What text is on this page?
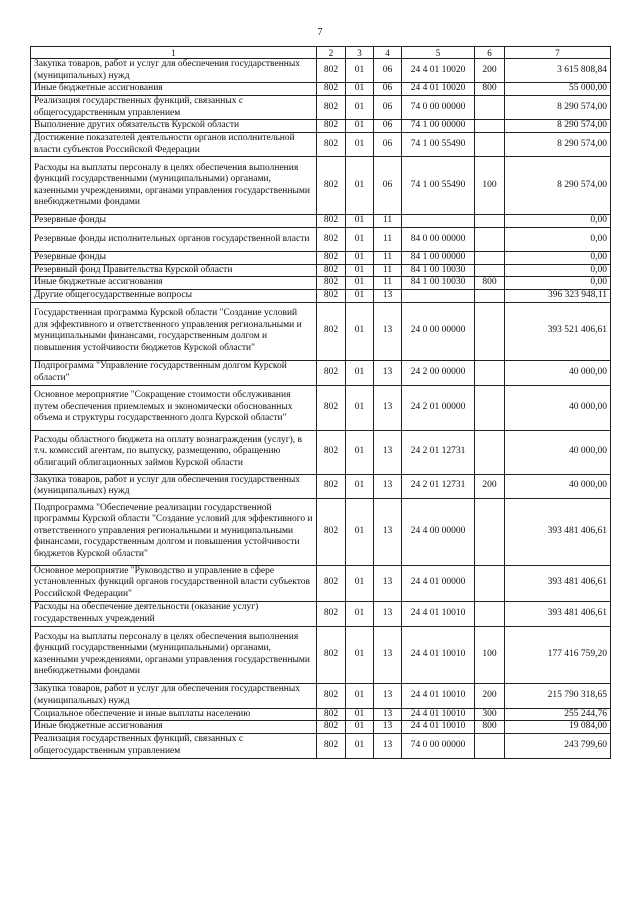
7
1	2	3	4	5	6	7
Закупка товаров, работ и услуг для обеспечения государственных (муниципальных) нужд	802	01	06	24 4 01 10020	200	3 615 808,84
Иные бюджетные ассигнования	802	01	06	24 4 01 10020	800	55 000,00
Реализация государственных функций, связанных с общегосударственным управлением	802	01	06	74 0 00 00000		8 290 574,00
Выполнение других обязательств Курской области	802	01	06	74 1 00 00000		8 290 574,00
Достижение показателей деятельности органов исполнительной власти субъектов Российской Федерации	802	01	06	74 1 00 55490		8 290 574,00
Расходы на выплаты персоналу в целях обеспечения выполнения функций государственными (муниципальными) органами, казенными учреждениями, органами управления государственными внебюджетными фондами	802	01	06	74 1 00 55490	100	8 290 574,00
Резервные фонды	802	01	11			0,00
Резервные фонды исполнительных органов государственной власти	802	01	11	84 0 00 00000		0,00
Резервные фонды	802	01	11	84 1 00 00000		0,00
Резервный фонд Правительства Курской области	802	01	11	84 1 00 10030		0,00
Иные бюджетные ассигнования	802	01	11	84 1 00 10030	800	0,00
Другие общегосударственные вопросы	802	01	13			396 323 948,11
Государственная программа Курской области "Создание условий для эффективного и ответственного управления региональными и муниципальными финансами, государственным долгом и повышения устойчивости бюджетов Курской области"	802	01	13	24 0 00 00000		393 521 406,61
Подпрограмма "Управление государственным долгом Курской области"	802	01	13	24 2 00 00000		40 000,00
Основное мероприятие "Сокращение стоимости обслуживания путем обеспечения приемлемых и экономически обоснованных объема и структуры государственного долга Курской области"	802	01	13	24 2 01 00000		40 000,00
Расходы областного бюджета на оплату вознаграждения (услуг), в т.ч. комиссий агентам, по выпуску, размещению, обращению облигаций облигационных займов Курской области	802	01	13	24 2 01 12731		40 000,00
Закупка товаров, работ и услуг для обеспечения государственных (муниципальных) нужд	802	01	13	24 2 01 12731	200	40 000,00
Подпрограмма "Обеспечение реализации государственной программы Курской области "Создание условий для эффективного и ответственного управления региональными и муниципальными финансами, государственным долгом и повышения устойчивости бюджетов Курской области"	802	01	13	24 4 00 00000		393 481 406,61
Основное мероприятие "Руководство и управление в сфере установленных функций органов государственной власти субъектов Российской Федерации"	802	01	13	24 4 01 00000		393 481 406,61
Расходы на обеспечение деятельности (оказание услуг) государственных учреждений	802	01	13	24 4 01 10010		393 481 406,61
Расходы на выплаты персоналу в целях обеспечения выполнения функций государственными (муниципальными) органами, казенными учреждениями, органами управления государственными внебюджетными фондами	802	01	13	24 4 01 10010	100	177 416 759,20
Закупка товаров, работ и услуг для обеспечения государственных (муниципальных) нужд	802	01	13	24 4 01 10010	200	215 790 318,65
Социальное обеспечение и иные выплаты населению	802	01	13	24 4 01 10010	300	255 244,76
Иные бюджетные ассигнования	802	01	13	24 4 01 10010	800	19 084,00
Реализация государственных функций, связанных с общегосударственным управлением	802	01	13	74 0 00 00000		243 799,60
